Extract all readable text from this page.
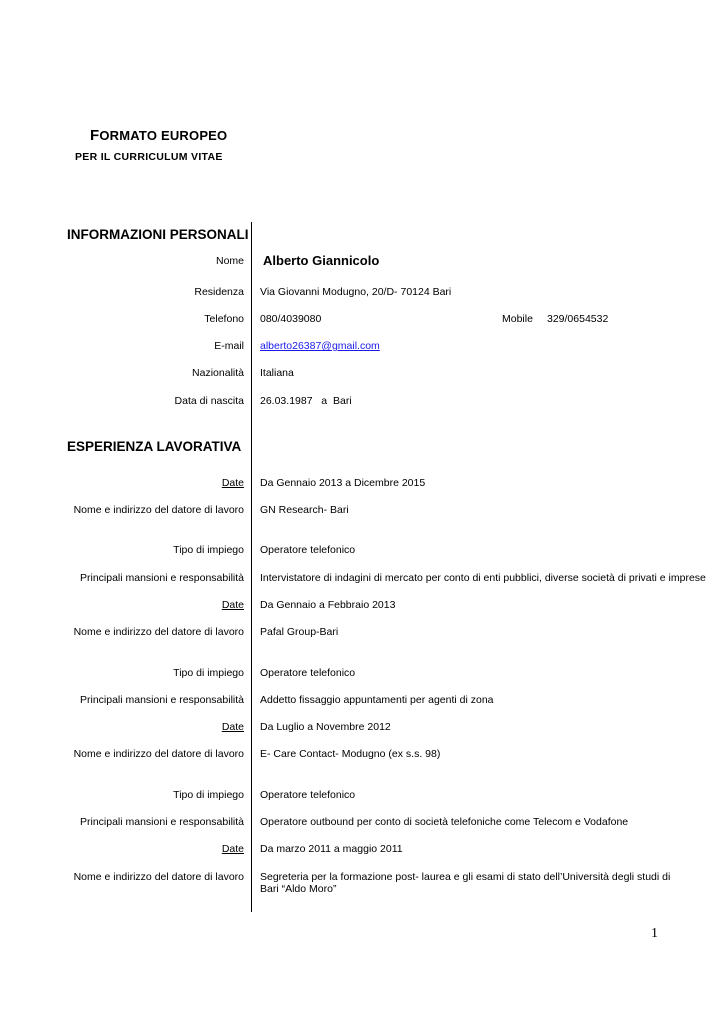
FORMATO EUROPEO
PER IL CURRICULUM VITAE
INFORMAZIONI PERSONALI
Nome Alberto Giannicolo
Residenza Via Giovanni Modugno, 20/D- 70124 Bari
Telefono 080/4039080	Mobile 329/0654532
E-mail alberto26387@gmail.com
Nazionalità Italiana
Data di nascita 26.03.1987   a  Bari
ESPERIENZA LAVORATIVA
Date Da Gennaio 2013 a Dicembre 2015
Nome e indirizzo del datore di lavoro GN Research- Bari
Tipo di impiego Operatore telefonico
Principali mansioni e responsabilità Intervistatore di indagini di mercato per conto di enti pubblici, diverse società di privati e imprese
Date Da Gennaio a Febbraio 2013
Nome e indirizzo del datore di lavoro Pafal Group-Bari
Tipo di impiego Operatore telefonico
Principali mansioni e responsabilità Addetto fissaggio appuntamenti per agenti di zona
Date Da Luglio a Novembre 2012
Nome e indirizzo del datore di lavoro E- Care Contact- Modugno (ex s.s. 98)
Tipo di impiego Operatore telefonico
Principali mansioni e responsabilità Operatore outbound per conto di società telefoniche come Telecom e Vodafone
Date Da marzo 2011 a maggio 2011
Nome e indirizzo del datore di lavoro Segreteria per la formazione post- laurea e gli esami di stato dell’Università degli studi di Bari “Aldo Moro”
1
